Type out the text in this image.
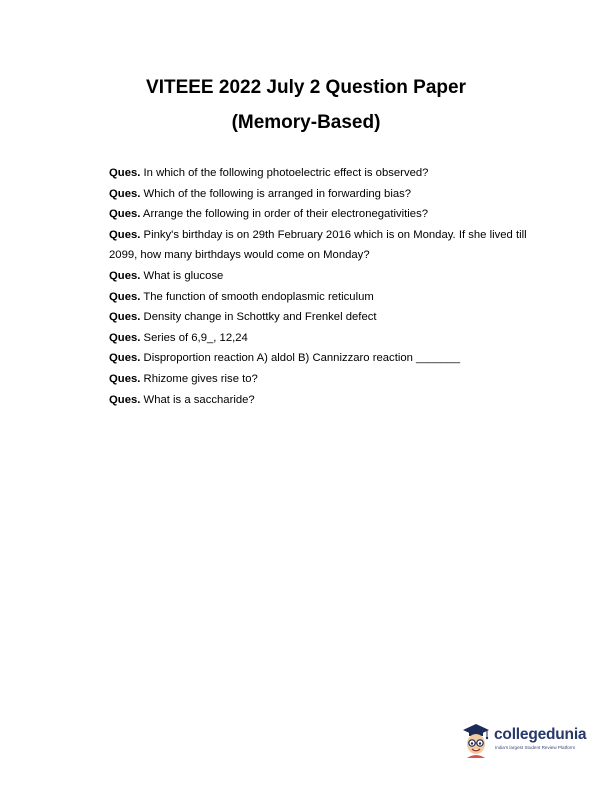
VITEEE 2022 July 2 Question Paper
(Memory-Based)

Ques. In which of the following photoelectric effect is observed?

Ques. Which of the following is arranged in forwarding bias?

Ques. Arrange the following in order of their electronegativities?

Ques. Pinky's birthday is on 29th February 2016 which is on Monday. If she lived till 2099, how many birthdays would come on Monday?

Ques. What is glucose

Ques. The function of smooth endoplasmic reticulum

Ques. Density change in Schottky and Frenkel defect

Ques. Series of 6,9_, 12,24

Ques. Disproportion reaction A) aldol B) Cannizzaro reaction _______

Ques. Rhizome gives rise to?

Ques. What is a saccharide?

collegedunia
India's largest Student Review Platform
